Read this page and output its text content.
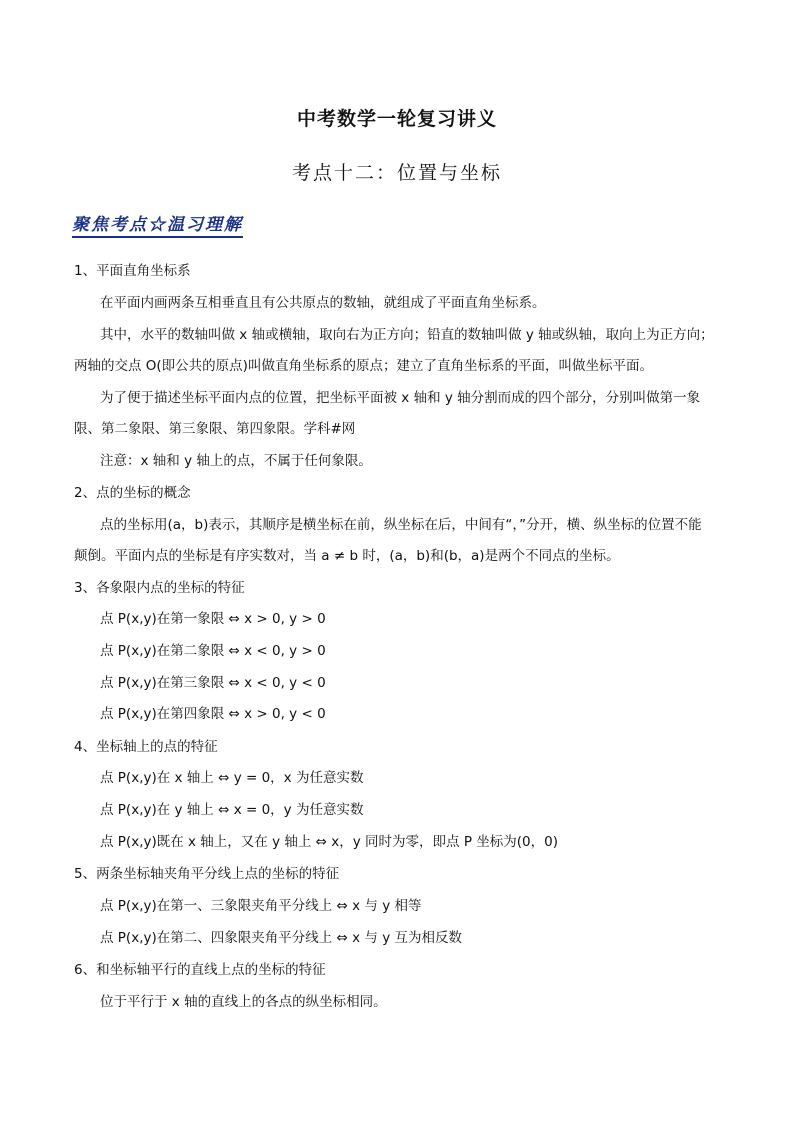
中考数学一轮复习讲义
考点十二：位置与坐标
聚焦考点☆温习理解
1、平面直角坐标系
在平面内画两条互相垂直且有公共原点的数轴，就组成了平面直角坐标系。
其中，水平的数轴叫做 x 轴或横轴，取向右为正方向；铅直的数轴叫做 y 轴或纵轴，取向上为正方向；
两轴的交点 O(即公共的原点)叫做直角坐标系的原点；建立了直角坐标系的平面，叫做坐标平面。
为了便于描述坐标平面内点的位置，把坐标平面被 x 轴和 y 轴分割而成的四个部分，分别叫做第一象
限、第二象限、第三象限、第四象限。学科#网
注意：x 轴和 y 轴上的点，不属于任何象限。
2、点的坐标的概念
点的坐标用(a，b)表示，其顺序是横坐标在前，纵坐标在后，中间有“，”分开，横、纵坐标的位置不能
颠倒。平面内点的坐标是有序实数对，当 a ≠ b 时，(a，b)和(b，a)是两个不同点的坐标。
3、各象限内点的坐标的特征
点 P(x,y)在第一象限 ⇔ x > 0, y > 0
点 P(x,y)在第二象限 ⇔ x < 0, y > 0
点 P(x,y)在第三象限 ⇔ x < 0, y < 0
点 P(x,y)在第四象限 ⇔ x > 0, y < 0
4、坐标轴上的点的特征
点 P(x,y)在 x 轴上 ⇔ y = 0，x 为任意实数
点 P(x,y)在 y 轴上 ⇔ x = 0，y 为任意实数
点 P(x,y)既在 x 轴上，又在 y 轴上 ⇔ x，y 同时为零，即点 P 坐标为(0，0)
5、两条坐标轴夹角平分线上点的坐标的特征
点 P(x,y)在第一、三象限夹角平分线上 ⇔ x 与 y 相等
点 P(x,y)在第二、四象限夹角平分线上 ⇔ x 与 y 互为相反数
6、和坐标轴平行的直线上点的坐标的特征
位于平行于 x 轴的直线上的各点的纵坐标相同。
